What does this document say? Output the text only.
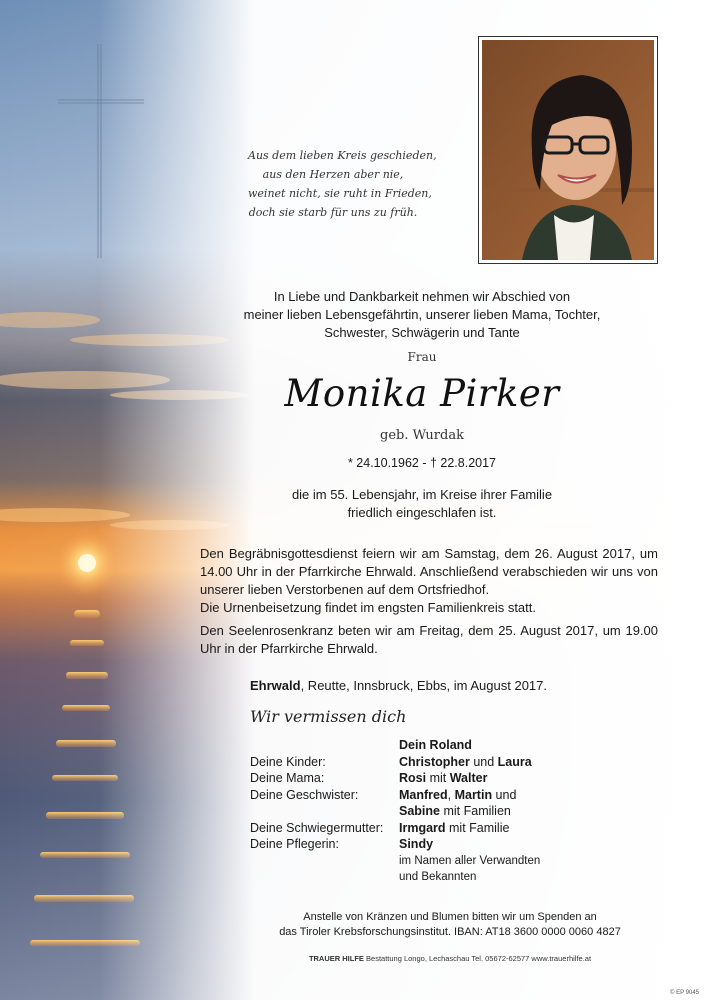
Aus dem lieben Kreis geschieden,
aus den Herzen aber nie,
weinet nicht, sie ruht in Frieden,
doch sie starb für uns zu früh.
In Liebe und Dankbarkeit nehmen wir Abschied von
meiner lieben Lebensgefährtin, unserer lieben Mama, Tochter,
Schwester, Schwägerin und Tante
Frau
Monika Pirker
geb. Wurdak
* 24.10.1962 - † 22.8.2017
die im 55. Lebensjahr, im Kreise ihrer Familie
friedlich eingeschlafen ist.
Den Begräbnisgottesdienst feiern wir am Samstag, dem 26. August 2017, um 14.00 Uhr in der Pfarrkirche Ehrwald. Anschließend verabschieden wir uns von unserer lieben Verstorbenen auf dem Ortsfriedhof.
Die Urnenbeisetzung findet im engsten Familienkreis statt.
Den Seelenrosenkranz beten wir am Freitag, dem 25. August 2017, um 19.00 Uhr in der Pfarrkirche Ehrwald.
Ehrwald, Reutte, Innsbruck, Ebbs, im August 2017.
Wir vermissen dich
Dein Roland
Deine Kinder:	Christopher und Laura
Deine Mama:	Rosi mit Walter
Deine Geschwister:	Manfred, Martin und
Sabine mit Familien
Deine Schwiegermutter: Irmgard mit Familie
Deine Pflegerin:	Sindy
im Namen aller Verwandten
und Bekannten
Anstelle von Kränzen und Blumen bitten wir um Spenden an
das Tiroler Krebsforschungsinstitut. IBAN: AT18 3600 0000 0060 4827
TRAUER HILFE Bestattung Longo, Lechaschau Tel. 05672-62577 www.trauerhilfe.at
© EP 9045
